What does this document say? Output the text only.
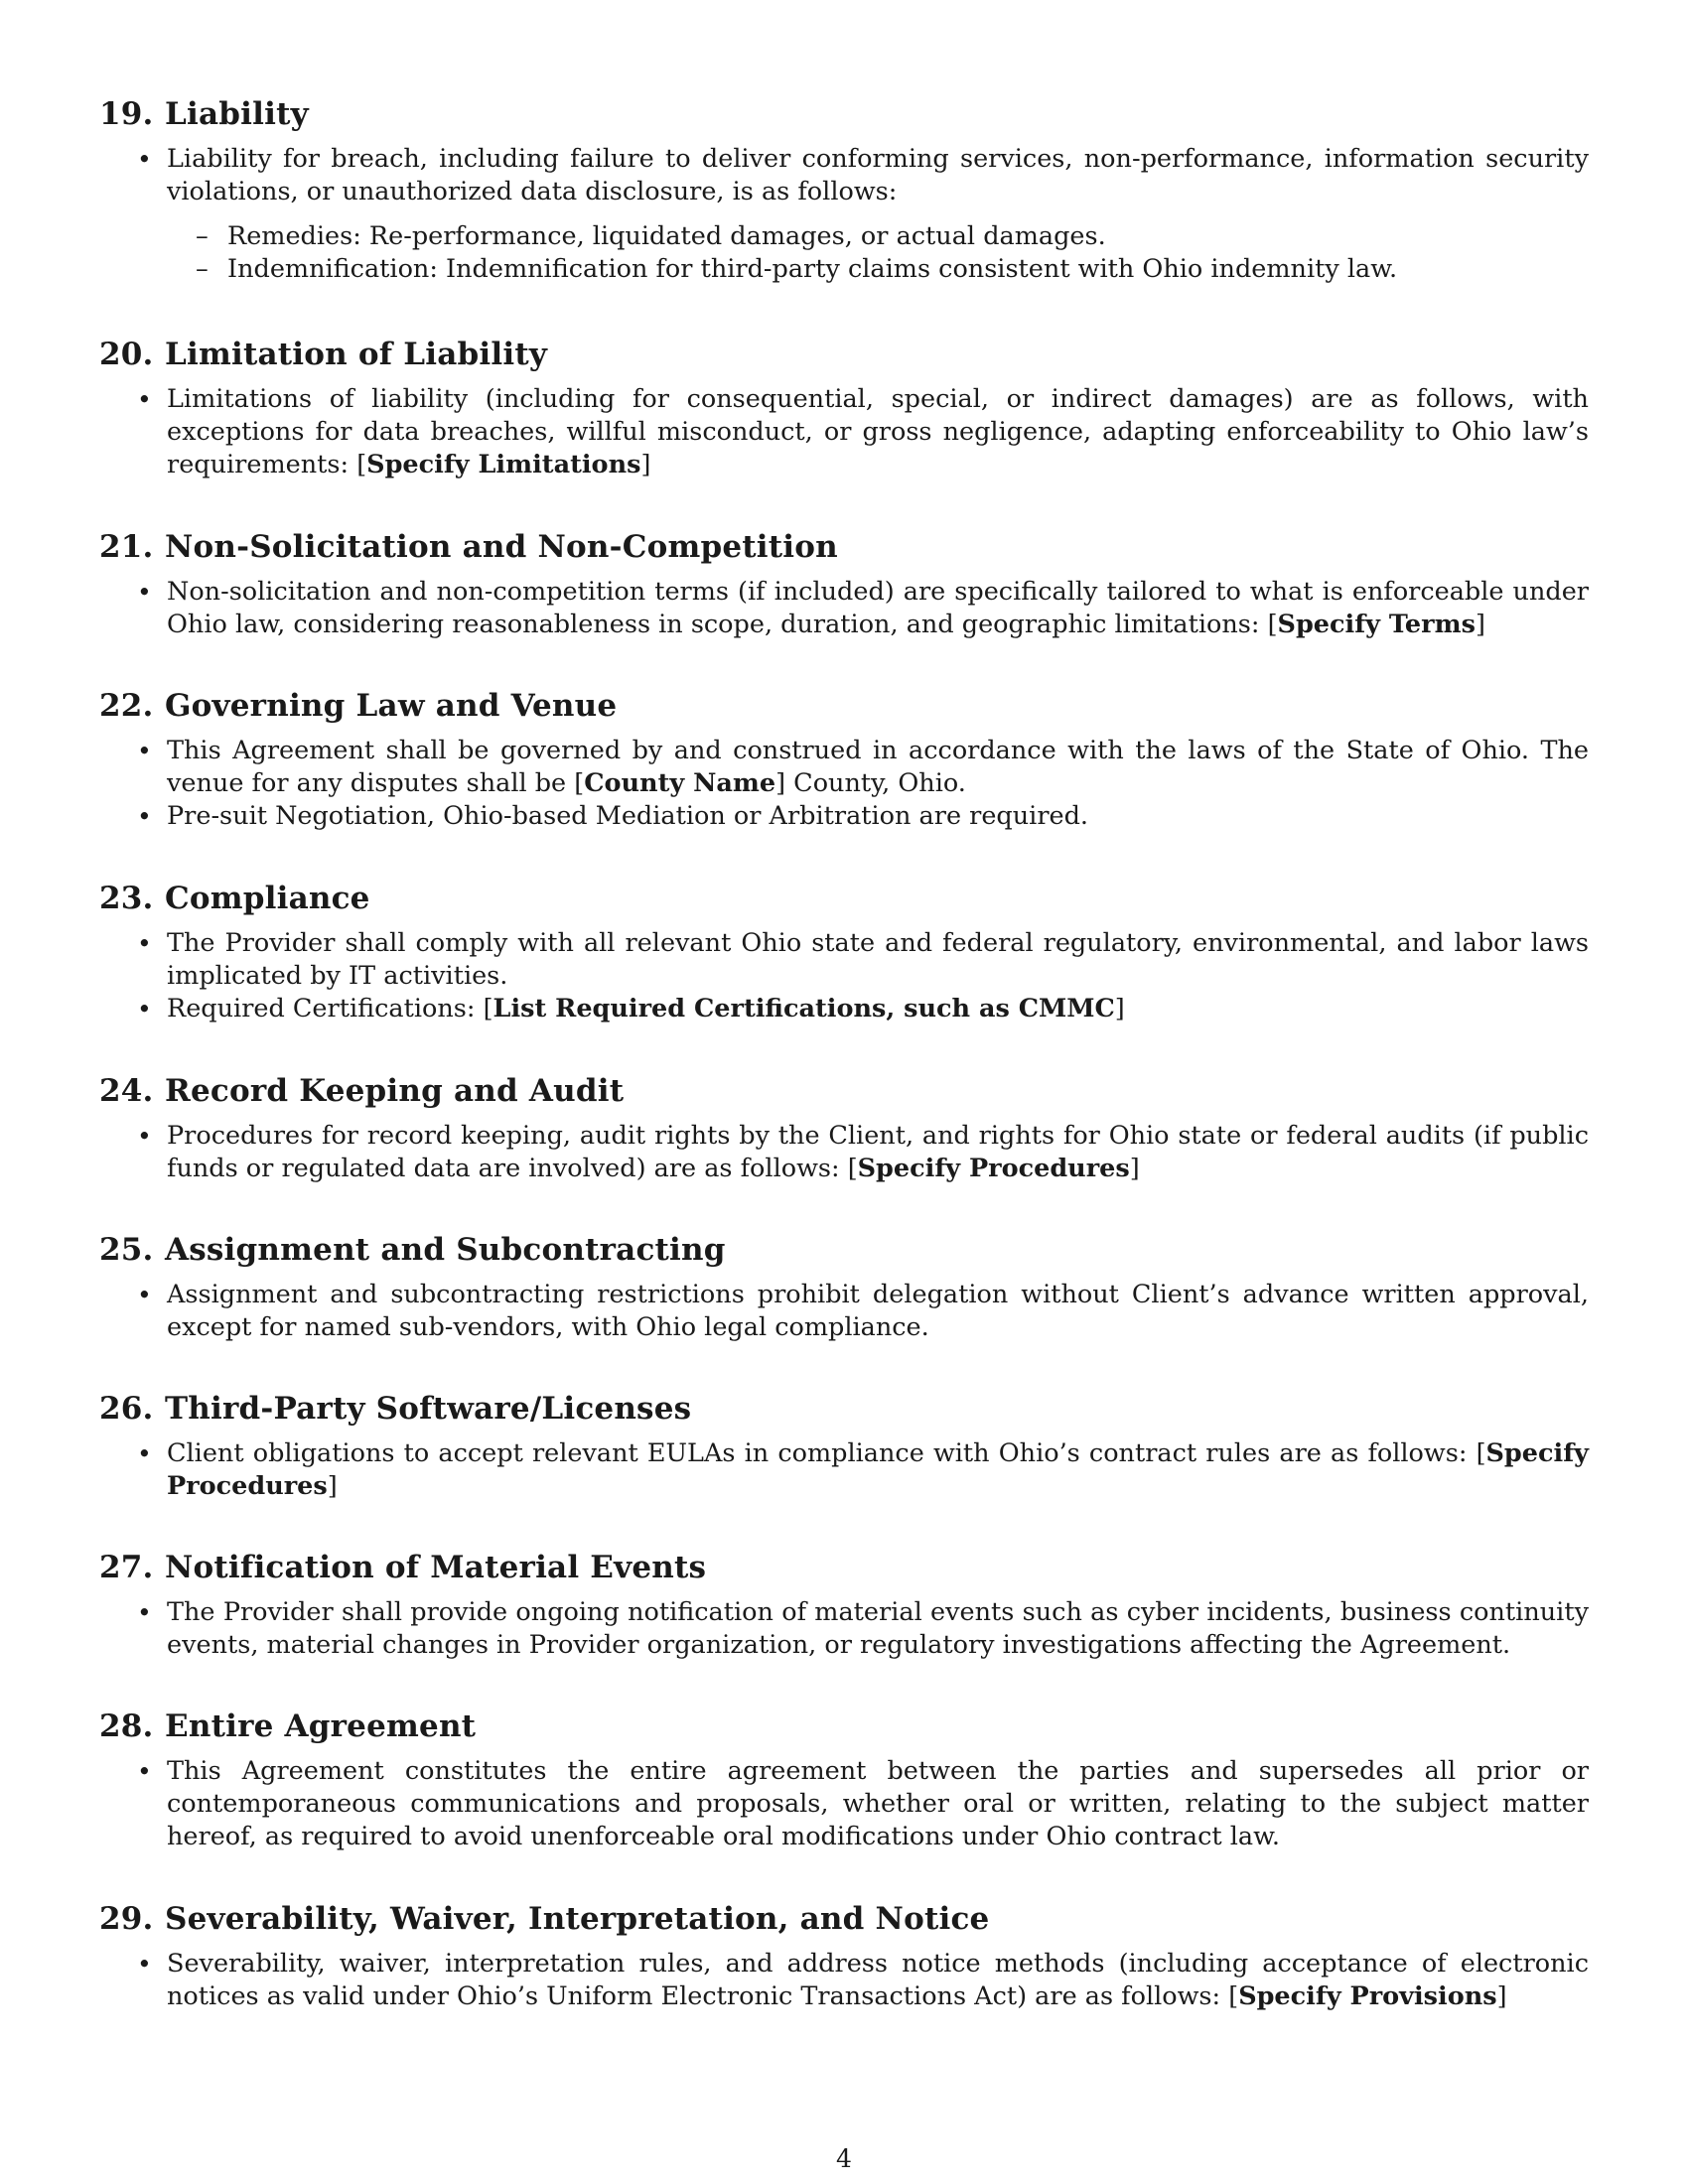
19. Liability
• Liability for breach, including failure to deliver conforming services, non-performance, information security violations, or unauthorized data disclosure, is as follows:
– Remedies: Re-performance, liquidated damages, or actual damages.
– Indemnification: Indemnification for third-party claims consistent with Ohio indemnity law.
20. Limitation of Liability
• Limitations of liability (including for consequential, special, or indirect damages) are as follows, with exceptions for data breaches, willful misconduct, or gross negligence, adapting enforceability to Ohio law’s requirements: [Specify Limitations]
21. Non-Solicitation and Non-Competition
• Non-solicitation and non-competition terms (if included) are specifically tailored to what is enforceable under Ohio law, considering reasonableness in scope, duration, and geographic limitations: [Specify Terms]
22. Governing Law and Venue
• This Agreement shall be governed by and construed in accordance with the laws of the State of Ohio. The venue for any disputes shall be [County Name] County, Ohio.
• Pre-suit Negotiation, Ohio-based Mediation or Arbitration are required.
23. Compliance
• The Provider shall comply with all relevant Ohio state and federal regulatory, environmental, and labor laws implicated by IT activities.
• Required Certifications: [List Required Certifications, such as CMMC]
24. Record Keeping and Audit
• Procedures for record keeping, audit rights by the Client, and rights for Ohio state or federal audits (if public funds or regulated data are involved) are as follows: [Specify Procedures]
25. Assignment and Subcontracting
• Assignment and subcontracting restrictions prohibit delegation without Client’s advance written approval, except for named sub-vendors, with Ohio legal compliance.
26. Third-Party Software/Licenses
• Client obligations to accept relevant EULAs in compliance with Ohio’s contract rules are as follows: [Specify Procedures]
27. Notification of Material Events
• The Provider shall provide ongoing notification of material events such as cyber incidents, business continuity events, material changes in Provider organization, or regulatory investigations affecting the Agreement.
28. Entire Agreement
• This Agreement constitutes the entire agreement between the parties and supersedes all prior or contemporaneous communications and proposals, whether oral or written, relating to the subject matter hereof, as required to avoid unenforceable oral modifications under Ohio contract law.
29. Severability, Waiver, Interpretation, and Notice
• Severability, waiver, interpretation rules, and address notice methods (including acceptance of electronic notices as valid under Ohio’s Uniform Electronic Transactions Act) are as follows: [Specify Provisions]
4
